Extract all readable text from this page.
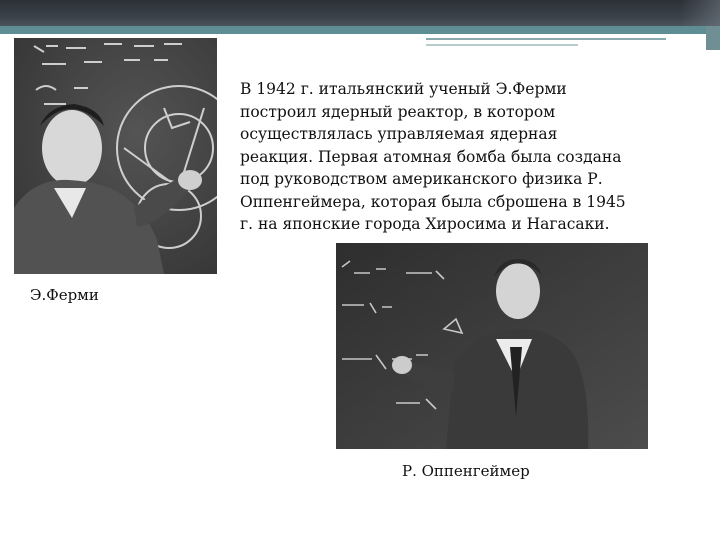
В 1942 г. итальянский ученый Э.Ферми
построил ядерный реактор, в котором
осуществлялась управляемая ядерная
реакция. Первая атомная бомба была создана
под руководством американского физика Р.
Оппенгеймера, которая была сброшена в 1945
г. на японские города Хиросима и Нагасаки.
Э.Ферми
Р. Оппенгеймер
